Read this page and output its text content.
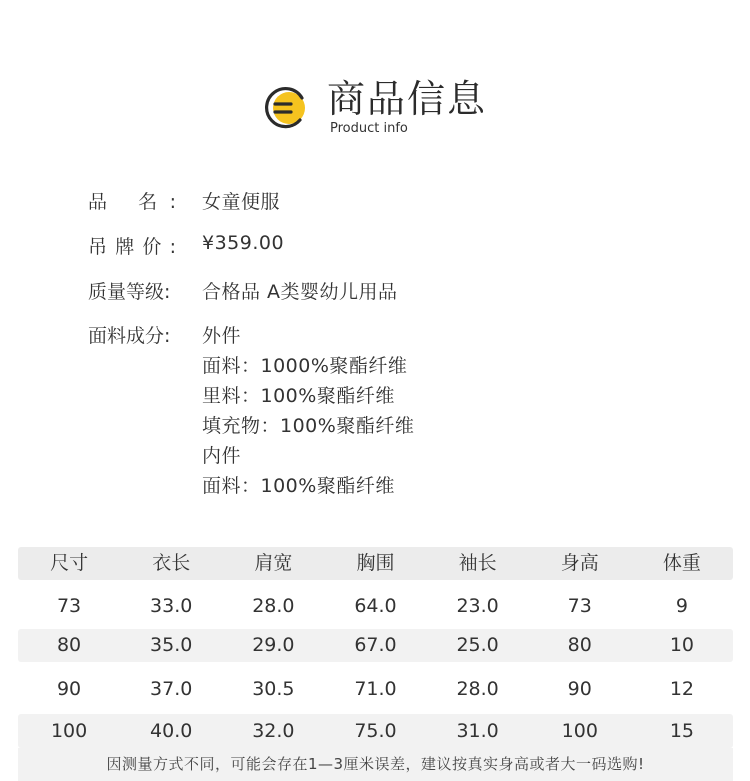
商品信息
Product info
品 名: 女童便服
吊牌价: ¥359.00
质量等级: 合格品 A类婴幼儿用品
面料成分: 外件
面料：1000%聚酯纤维
里料：100%聚酯纤维
填充物：100%聚酯纤维
内件
面料：100%聚酯纤维
尺寸	衣长	肩宽	胸围	袖长	身高	体重
73	33.0	28.0	64.0	23.0	73	9
80	35.0	29.0	67.0	25.0	80	10
90	37.0	30.5	71.0	28.0	90	12
100	40.0	32.0	75.0	31.0	100	15
因测量方式不同，可能会存在1—3厘米误差，建议按真实身高或者大一码选购!
